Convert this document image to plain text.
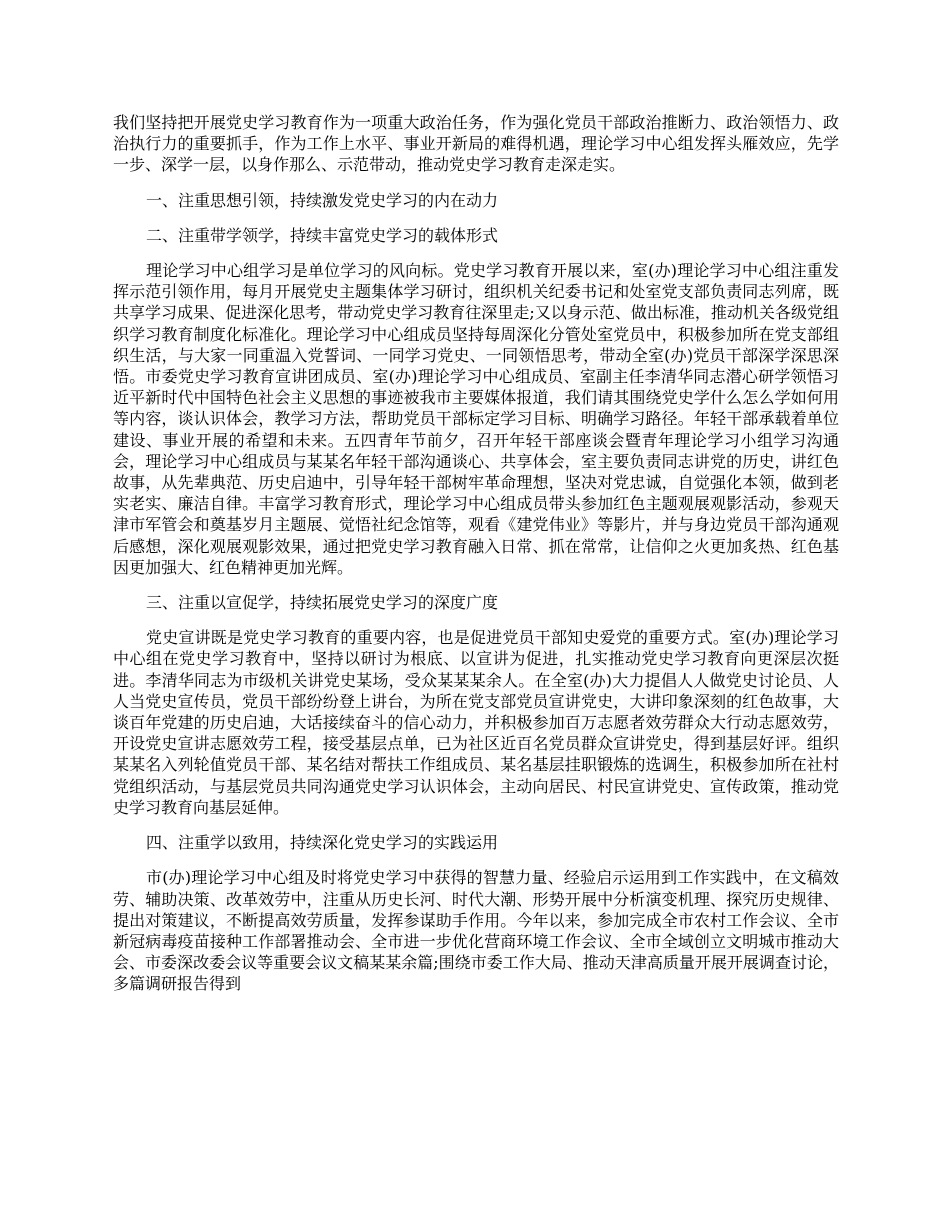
我们坚持把开展党史学习教育作为一项重大政治任务，作为强化党员干部政治推断力、政治领悟力、政治执行力的重要抓手，作为工作上水平、事业开新局的难得机遇，理论学习中心组发挥头雁效应，先学一步、深学一层，以身作那么、示范带动，推动党史学习教育走深走实。

一、注重思想引领，持续激发党史学习的内在动力

二、注重带学领学，持续丰富党史学习的载体形式

理论学习中心组学习是单位学习的风向标。党史学习教育开展以来，室(办)理论学习中心组注重发挥示范引领作用，每月开展党史主题集体学习研讨，组织机关纪委书记和处室党支部负责同志列席，既共享学习成果、促进深化思考，带动党史学习教育往深里走;又以身示范、做出标准，推动机关各级党组织学习教育制度化标准化。理论学习中心组成员坚持每周深化分管处室党员中，积极参加所在党支部组织生活，与大家一同重温入党誓词、一同学习党史、一同领悟思考，带动全室(办)党员干部深学深思深悟。市委党史学习教育宣讲团成员、室(办)理论学习中心组成员、室副主任李清华同志潜心研学领悟习近平新时代中国特色社会主义思想的事迹被我市主要媒体报道，我们请其围绕党史学什么怎么学如何用等内容，谈认识体会，教学习方法，帮助党员干部标定学习目标、明确学习路径。年轻干部承载着单位建设、事业开展的希望和未来。五四青年节前夕，召开年轻干部座谈会暨青年理论学习小组学习沟通会，理论学习中心组成员与某某名年轻干部沟通谈心、共享体会，室主要负责同志讲党的历史，讲红色故事，从先辈典范、历史启迪中，引导年轻干部树牢革命理想，坚决对党忠诚，自觉强化本领，做到老实老实、廉洁自律。丰富学习教育形式，理论学习中心组成员带头参加红色主题观展观影活动，参观天津市军管会和奠基岁月主题展、觉悟社纪念馆等，观看《建党伟业》等影片，并与身边党员干部沟通观后感想，深化观展观影效果，通过把党史学习教育融入日常、抓在常常，让信仰之火更加炙热、红色基因更加强大、红色精神更加光辉。

三、注重以宣促学，持续拓展党史学习的深度广度

党史宣讲既是党史学习教育的重要内容，也是促进党员干部知史爱党的重要方式。室(办)理论学习中心组在党史学习教育中，坚持以研讨为根底、以宣讲为促进，扎实推动党史学习教育向更深层次挺进。李清华同志为市级机关讲党史某场，受众某某某余人。在全室(办)大力提倡人人做党史讨论员、人人当党史宣传员，党员干部纷纷登上讲台，为所在党支部党员宣讲党史，大讲印象深刻的红色故事，大谈百年党建的历史启迪，大话接续奋斗的信心动力，并积极参加百万志愿者效劳群众大行动志愿效劳，开设党史宣讲志愿效劳工程，接受基层点单，已为社区近百名党员群众宣讲党史，得到基层好评。组织某某名入列轮值党员干部、某名结对帮扶工作组成员、某名基层挂职锻炼的选调生，积极参加所在社村党组织活动，与基层党员共同沟通党史学习认识体会，主动向居民、村民宣讲党史、宣传政策，推动党史学习教育向基层延伸。

四、注重学以致用，持续深化党史学习的实践运用

市(办)理论学习中心组及时将党史学习中获得的智慧力量、经验启示运用到工作实践中，在文稿效劳、辅助决策、改革效劳中，注重从历史长河、时代大潮、形势开展中分析演变机理、探究历史规律、提出对策建议，不断提高效劳质量，发挥参谋助手作用。今年以来，参加完成全市农村工作会议、全市新冠病毒疫苗接种工作部署推动会、全市进一步优化营商环境工作会议、全市全域创立文明城市推动大会、市委深改委会议等重要会议文稿某某余篇;围绕市委工作大局、推动天津高质量开展开展调查讨论，多篇调研报告得到
